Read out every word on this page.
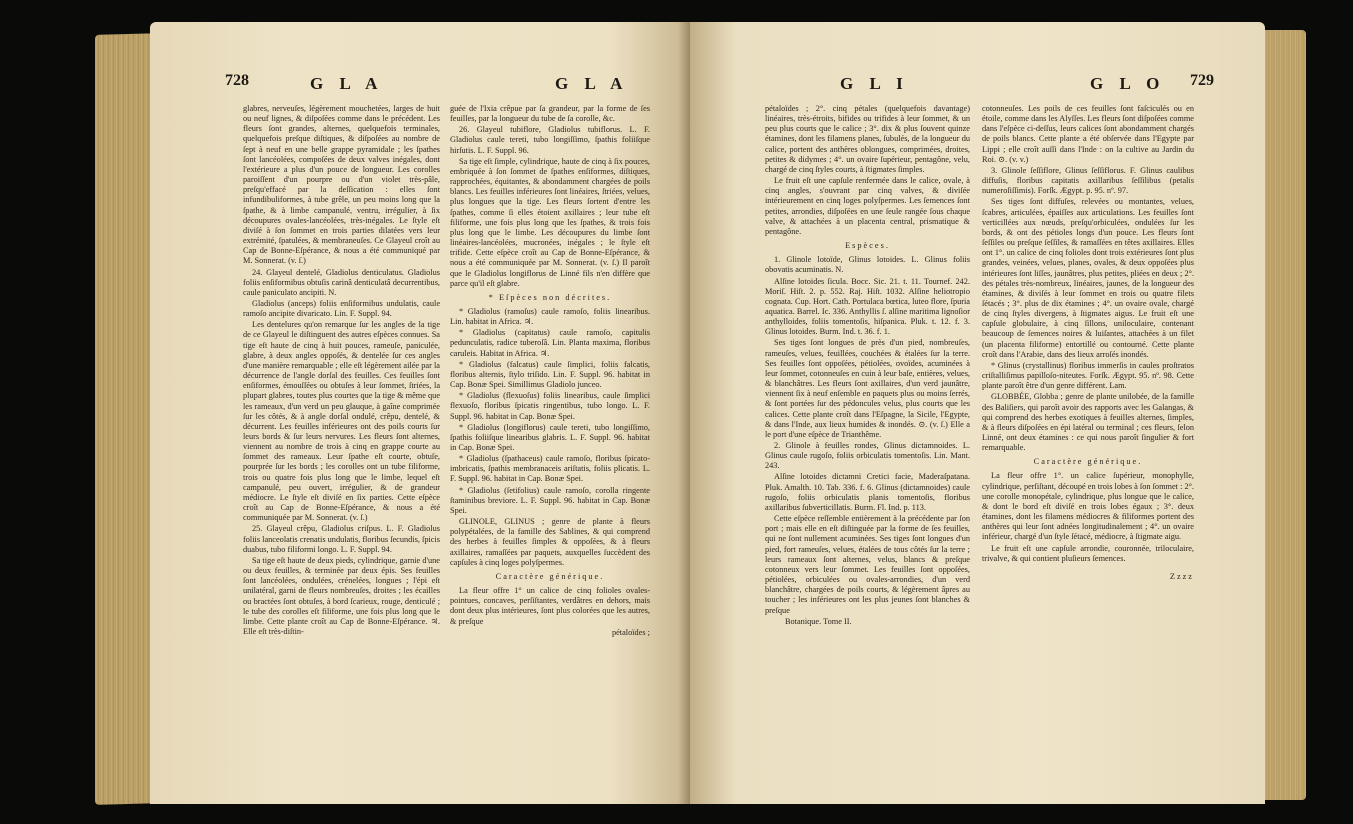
728	G L A	G L A

glabres, nerveuſes, légèrement mouchetées, larges de huit ou neuf lignes, & diſpoſées comme dans le précédent. Les fleurs ſont grandes, alternes, quelquefois terminales, quelquefois preſque diſtiques, & diſpoſées au nombre de ſept à neuf en une belle grappe pyramidale ; les ſpathes ſont lancéolées, compoſées de deux valves inégales, dont l'extérieure a plus d'un pouce de longueur. Les corolles paroiſſent d'un pourpre ou d'un violet très-pâle, preſqu'effacé par la deſſication : elles ſont infundibuliformes, à tube grêle, un peu moins long que la ſpathe, & à limbe campanulé, ventru, irrégulier, à ſix découpures ovales-lancéolées, très-inégales. Le ſtyle eſt diviſé à ſon ſommet en trois parties dilatées vers leur extrémité, ſpatulées, & membraneuſes. Ce Glayeul croît au Cap de Bonne-Eſpérance, & nous a été communiqué par M. Sonnerat. (v. ſ.)

24. Glayeul dentelé, Gladiolus denticulatus. Gladiolus foliis enſiformibus obtuſis carinâ denticulatâ decurrentibus, caule paniculato ancipiti. N.

Gladiolus (anceps) foliis enſiformibus undulatis, caule ramoſo ancipite divaricato. Lin. F. Suppl. 94.

Les dentelures qu'on remarque ſur les angles de la tige de ce Glayeul le diſtinguent des autres eſpèces connues. Sa tige eſt haute de cinq à huit pouces, rameuſe, paniculée, glabre, à deux angles oppoſés, & dentelée ſur ces angles d'une manière remarquable ; elle eſt légèrement ailée par la décurrence de l'angle dorſal des feuilles. Ces feuilles ſont enſiformes, émouſſées ou obtuſes à leur ſommet, ſtriées, la plupart glabres, toutes plus courtes que la tige & même que les rameaux, d'un verd un peu glauque, à gaîne comprimée ſur les côtés, & à angle dorſal ondulé, crêpu, dentelé, & décurrent. Les feuilles inférieures ont des poils courts ſur leurs bords & ſur leurs nervures. Les fleurs ſont alternes, viennent au nombre de trois à cinq en grappe courte au ſommet des rameaux. Leur ſpathe eſt courte, obtuſe, pourprée ſur les bords ; les corolles ont un tube filiforme, trois ou quatre fois plus long que le limbe, lequel eſt campanulé, peu ouvert, irrégulier, & de grandeur médiocre. Le ſtyle eſt diviſé en ſix parties. Cette eſpèce croît au Cap de Bonne-Eſpérance, & nous a été communiquée par M. Sonnerat. (v. ſ.)

25. Glayeul crêpu, Gladiolus criſpus. L. F. Gladiolus foliis lanceolatis crenatis undulatis, floribus ſecundis, ſpicis duabus, tubo filiformi longo. L. F. Suppl. 94.

Sa tige eſt haute de deux pieds, cylindrique, garnie d'une ou deux feuilles, & terminée par deux épis. Ses feuilles ſont lancéolées, ondulées, crénelées, longues ; l'épi eſt unilatéral, garni de fleurs nombreuſes, droites ; les écailles ou bractées ſont obtuſes, à bord ſcarieux, rouge, denticulé ; le tube des corolles eſt filiforme, une fois plus long que le limbe. Cette plante croît au Cap de Bonne-Eſpérance. ♃. Elle eſt très-diſtin-

guée de l'Ixia crêpue par ſa grandeur, par la forme de ſes feuilles, par la longueur du tube de ſa corolle, &c.

26. Glayeul tubiflore, Gladiolus tubiflorus. L. F. Gladiolus caule tereti, tubo longiſſimo, ſpathis foliiſque hirſutis. L. F. Suppl. 96.

Sa tige eſt ſimple, cylindrique, haute de cinq à ſix pouces, embriquée à ſon ſommet de ſpathes enſiformes, diſtiques, rapprochées, équitantes, & abondamment chargées de poils blancs. Les feuilles inférieures ſont linéaires, ſtriées, velues, plus longues que la tige. Les fleurs ſortent d'entre les ſpathes, comme ſi elles étoient axillaires ; leur tube eſt filiforme, une fois plus long que les ſpathes, & trois fois plus long que le limbe. Les découpures du limbe ſont linéaires-lancéolées, mucronées, inégales ; le ſtyle eſt trifide. Cette eſpèce croît au Cap de Bonne-Eſpérance, & nous a été communiquée par M. Sonnerat. (v. ſ.) Il paroît que le Gladiolus longiflorus de Linné fils n'en diffère que parce qu'il eſt glabre.

* Eſpèces non décrites.

* Gladiolus (ramoſus) caule ramoſo, foliis linearibus. Lin. habitat in Africa. ♃.

* Gladiolus (capitatus) caule ramoſo, capitulis pedunculatis, radice tuberoſâ. Lin. Planta maxima, floribus caruleis. Habitat in Africa. ♃.

* Gladiolus (falcatus) caule ſimplici, foliis falcatis, floribus alternis, ſtylo triſido. Lin. F. Suppl. 96. habitat in Cap. Bonæ Spei. Simillimus Gladiolo junceo.

* Gladiolus (flexuoſus) foliis linearibus, caule ſimplici flexuoſo, floribus ſpicatis ringentibus, tubo longo. L. F. Suppl. 96. habitat in Cap. Bonæ Spei.

* Gladiolus (longiflorus) caule tereti, tubo longiſſimo, ſpathis foliiſque linearibus glabris. L. F. Suppl. 96. habitat in Cap. Bonæ Spei.

* Gladiolus (ſpathaceus) caule ramoſo, floribus ſpicato-imbricatis, ſpathis membranaceis ariſtatis, foliis plicatis. L. F. Suppl. 96. habitat in Cap. Bonæ Spei.

* Gladiolus (ſetifolius) caule ramoſo, corolla ringente ſtaminibus breviore. L. F. Suppl. 96. habitat in Cap. Bonæ Spei.

GLINOLE, GLINUS ; genre de plante à fleurs polypétalées, de la famille des Sablines, & qui comprend des herbes à feuilles ſimples & oppoſées, & à fleurs axillaires, ramaſſées par paquets, auxquelles ſuccèdent des capſules à cinq loges polyſpermes.

Caractère générique.

La fleur offre 1° un calice de cinq folioles ovales-pointues, concaves, perſiſtantes, verdâtres en dehors, mais dont deux plus intérieures, ſont plus colorées que les autres, & preſque

pétaloïdes ;

G L I	G L O 729

pétaloïdes ; 2°. cinq pétales (quelquefois davantage) linéaires, très-étroits, bifides ou trifides à leur ſommet, & un peu plus courts que le calice ; 3°. dix & plus ſouvent quinze étamines, dont les filamens planes, ſubulés, de la longueur du calice, portent des anthères oblongues, comprimées, droites, petites & didymes ; 4°. un ovaire ſupérieur, pentagône, velu, chargé de cinq ſtyles courts, à ſtigmates ſimples.

Le fruit eſt une capſule renfermée dans le calice, ovale, à cinq angles, s'ouvrant par cinq valves, & diviſée intérieurement en cinq loges polyſpermes. Les ſemences ſont petites, arrondies, diſpoſées en une ſeule rangée ſous chaque valve, & attachées à un placenta central, prismatique & pentagône.

Espèces.

1. Glinole lotoïde, Glinus lotoides. L. Glinus foliis obovatis acuminatis. N.

Alſine lotoides ſicula. Bocc. Sic. 21. t. 11. Tournef. 242. Moriſ. Hiſt. 2. p. 552. Raj. Hiſt. 1032. Alſine heliotropio cognata. Cup. Hort. Cath. Portulaca bœtica, luteo flore, ſpuria aquatica. Barrel. Ic. 336. Anthyllis ſ. alſine maritima lignoſior anthylloides, foliis tomentoſis, hiſpanica. Pluk. t. 12. f. 3. Glinus lotoides. Burm. Ind. t. 36. f. 1.

Ses tiges ſont longues de près d'un pied, nombreuſes, rameuſes, velues, feuillées, couchées & étalées ſur la terre. Ses feuilles ſont oppoſées, pétiolées, ovoïdes, acuminées à leur ſommet, cotonneuſes en cuin à leur baſe, entières, velues, & blanchâtres. Les fleurs ſont axillaires, d'un verd jaunâtre, viennent ſix à neuf enſemble en paquets plus ou moins ſerrés, & ſont portées ſur des pédoncules velus, plus courts que les calices. Cette plante croît dans l'Eſpagne, la Sicile, l'Egypte, & dans l'Inde, aux lieux humides & inondés. ⊙. (v. ſ.) Elle a le port d'une eſpèce de Trianthême.

2. Glinole à feuilles rondes, Glinus dictamnoides. L. Glinus caule rugoſo, foliis orbiculatis tomentoſis. Lin. Mant. 243.

Alſine lotoides dictamni Cretici facie, Maderaſpatana. Pluk. Amalth. 10. Tab. 336. f. 6. Glinus (dictamnoides) caule rugoſo, foliis orbiculatis planis tomentoſis, floribus axillaribus ſubverticillatis. Burm. Fl. Ind. p. 113.

Cette eſpèce reſſemble entièrement à la précédente par ſon port ; mais elle en eſt diſtinguée par la forme de ſes feuilles, qui ne ſont nullement acuminées. Ses tiges ſont longues d'un pied, fort rameuſes, velues, étalées de tous côtés ſur la terre ; leurs rameaux ſont alternes, velus, blancs & preſque cotonneux vers leur ſommet. Les feuilles ſont oppoſées, pétiolées, orbiculées ou ovales-arrondies, d'un verd blanchâtre, chargées de poils courts, & légèrement âpres au toucher ; les inférieures ont les plus jeunes ſont blanches & preſque

Botanique. Tome II.

cotonneuſes. Les poils de ces feuilles ſont faſciculés ou en étoile, comme dans les Alyſſes. Les fleurs ſont diſpoſées comme dans l'eſpèce ci-deſſus, leurs calices ſont abondamment chargés de poils blancs. Cette plante a été obſervée dans l'Egypte par Lippi ; elle croît auſſi dans l'Inde : on la cultive au Jardin du Roi. ⊙. (v. v.)

3. Glinole ſeſſiflore, Glinus ſeſſiflorus. F. Glinus caulibus diffuſis, floribus capitatis axillaribus ſeſſilibus (petalis numeroſiſſimis). Forſk. Ægypt. p. 95. nº. 97.

Ses tiges ſont diffuſes, relevées ou montantes, velues, ſcabres, articulées, épaiſſes aux articulations. Les feuilles ſont verticillées aux nœuds, preſqu'orbiculées, ondulées ſur les bords, & ont des pétioles longs d'un pouce. Les fleurs ſont ſeſſiles ou preſque ſeſſiles, & ramaſſées en têtes axillaires. Elles ont 1°. un calice de cinq folioles dont trois extérieures ſont plus grandes, veinées, velues, planes, ovales, & deux oppoſées plus intérieures ſont liſſes, jaunâtres, plus petites, pliées en deux ; 2°. des pétales très-nombreux, linéaires, jaunes, de la longueur des étamines, & diviſés à leur ſommet en trois ou quatre filets ſétacés ; 3°. plus de dix étamines ; 4°. un ovaire ovale, chargé de cinq ſtyles divergens, à ſtigmates aigus. Le fruit eſt une capſule globulaire, à cinq ſillons, uniloculaire, contenant beaucoup de ſemences noires & luiſantes, attachées à un filet (un placenta filiforme) entortillé ou contourné. Cette plante croît dans l'Arabie, dans des lieux arroſés inondés.

* Glinus (crystallinus) floribus immerſis in caules proſtratos criſtalliſimus papilloſo-niteutes. Forſk. Ægypt. 95. nº. 98. Cette plante paroît être d'un genre différent. Lam.

GLOBBÉE, Globba ; genre de plante unilobée, de la famille des Baliſiers, qui paroît avoir des rapports avec les Galangas, & qui comprend des herbes exotiques à feuilles alternes, ſimples, & à fleurs diſpoſées en épi latéral ou terminal ; ces fleurs, ſelon Linné, ont deux étamines : ce qui nous paroît ſingulier & fort remarquable.

Caractère générique.

La fleur offre 1°. un calice ſupérieur, monophylle, cylindrique, perſiſtant, découpé en trois lobes à ſon ſommet : 2°. une corolle monopétale, cylindrique, plus longue que le calice, & dont le bord eſt diviſé en trois lobes égaux ; 3°. deux étamines, dont les filamens médiocres & filiformes portent des anthères qui leur ſont adnées longitudinalement ; 4°. un ovaire inférieur, chargé d'un ſtyle ſétacé, médiocre, à ſtigmate aigu.

Le fruit eſt une capſule arrondie, couronnée, triloculaire, trivalve, & qui contient pluſieurs ſemences.

Zzzz
